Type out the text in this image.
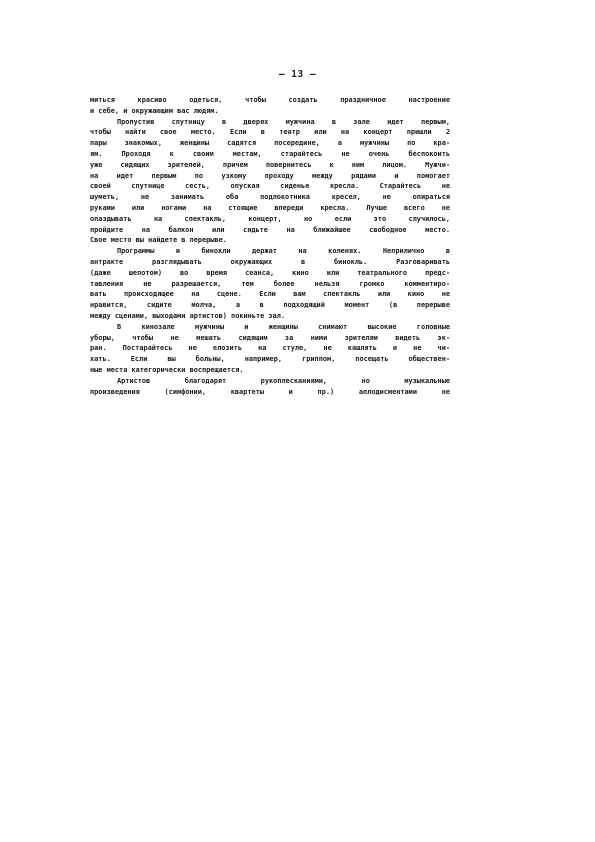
– 13 –
миться красиво одеться, чтобы создать праздничное настроение
и себе, и окружающим вас людям.
Пропустив спутницу в дверях мужчина в зале идет первым,
чтобы найти свое место. Если в театр или на концерт пришли 2
пары знакомых, женщины садятся посередине, а мужчины по кра-
ям. Проходя к своим местам, старайтесь не очень беспокоить
уже сидящих зрителей, причем повернитесь к ним лицом. Мужчи-
на идет первым по узкому проходу между рядами и помогает
своей спутнице сесть, опуская сиденье кресла. Старайтесь не
шуметь, не занимать оба подлокотника кресел, не опираться
руками или ногами на стоящие впереди кресла. Лучше всего не
опаздывать на спектакль, концерт, но если это случилось,
пройдите на балкон или сядьте на ближайшее свободное место.
Свое место вы найдете в перерыве.
Программы и бинокли держат на коленях. Неприлично в
антракте разглядывать окружающих в бинокль. Разговаривать
(даже шепотом) во время сеанса, кино или театрального предс-
тавления не разрешается, тем более нельзя громко комментиро-
вать происходящее на сцене. Если вам спектакль или кино не
нравится, сидите молча, а в подходящий момент (в перерыве
между сценами, выходами артистов) покиньте зал.
В кинозале мужчины и женщины снимают высокие головные
уборы, чтобы не мешать сидящим за ними зрителям видеть эк-
ран. Постарайтесь не елозить на стуле, не кашлять и не чи-
хать. Если вы больны, например, гриппом, посещать обществен-
ные места категорически воспрещается.
Артистов благодарят рукоплесканиями, но музыкальные
произведения (симфонии, квартеты и пр.) аплодисментами не
